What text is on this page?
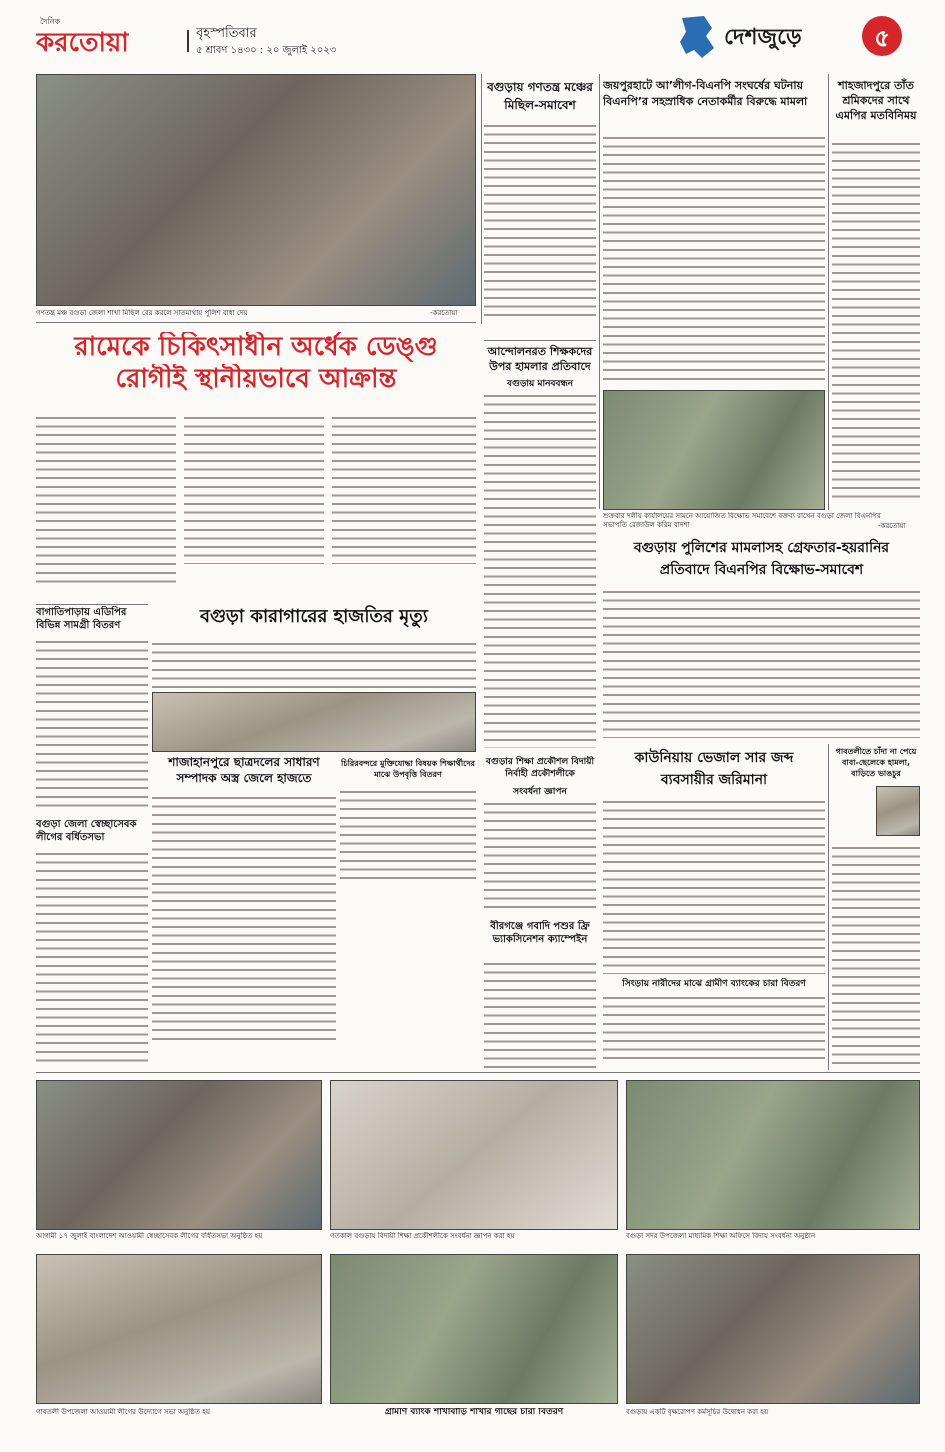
দৈনিক
করতোয়া	বৃহস্পতিবার
৫ শ্রাবণ ১৪৩০ : ২০ জুলাই ২০২৩
দেশজুড়ে	৫
গণতন্ত্র মঞ্চ বগুড়া জেলা শাখা মিছিল বের করলে সাতমাথায় পুলিশ বাধা দেয়	-করতোয়া
বগুড়ায় গণতন্ত্র মঞ্চের মিছিল-সমাবেশ
জয়পুরহাটে আ’লীগ-বিএনপি সংঘর্ষের ঘটনায় বিএনপি’র সহস্রাধিক নেতাকর্মীর বিরুদ্ধে মামলা
শাহজাদপুরে তাঁত শ্রমিকদের সাথে এমপির মতবিনিময়
রামেকে চিকিৎসাধীন অর্ধেক ডেঙ্গু
রোগীই স্থানীয়ভাবে আক্রান্ত
আন্দোলনরত শিক্ষকদের উপর হামলার প্রতিবাদে
বগুড়ায় মানববন্ধন
শুক্রবার দলীয় কার্যালয়ের সামনে আয়োজিত বিক্ষোভ সমাবেশে বক্তব্য রাখেন বগুড়া জেলা বিএনপির সভাপতি রেজাউল করিম বাদশা	-করতোয়া
বাগাতিপাড়ায় এডিপির বিভিন্ন সামগ্রী বিতরণ	বগুড়া কারাগারের হাজতির মৃত্যু
বগুড়ায় পুলিশের মামলাসহ গ্রেফতার-হয়রানির
প্রতিবাদে বিএনপির বিক্ষোভ-সমাবেশ
বগুড়ার শিক্ষা প্রকৌশল বিদায়ী নির্বাহী প্রকৌশলীকে
সংবর্ধনা জ্ঞাপন
বগুড়া জেলা স্বেচ্ছাসেবক লীগের বর্ধিতসভা
শাজাহানপুরে ছাত্রদলের সাধারণ সম্পাদক অস্ত্র জেলে হাজতে
চিরিরবন্দরে মুক্তিযোদ্ধা বিষয়ক শিক্ষার্থীদের মাঝে উপবৃত্তি বিতরণ
বীরগঞ্জে গবাদি পশুর ফ্রি ভ্যাকসিনেশন ক্যাম্পেইন
কাউনিয়ায় ভেজাল সার জব্দ
ব্যবসায়ীর জরিমানা
গাবতলীতে চাঁদা না পেয়ে বাবা-ছেলেকে হামলা, বাড়িতে ভাঙচুর
সিংড়ায় নারীদের মাঝে গ্রামীণ ব্যাংকের চারা বিতরণ
আগামী ১৭ জুলাই বাংলাদেশ আওয়ামী স্বেচ্ছাসেবক লীগের বর্ধিতসভা অনুষ্ঠিত হয়	গতকাল বগুড়ায় বিদায়ী শিক্ষা প্রকৌশলীকে সংবর্ধনা জ্ঞাপন করা হয়	বগুড়া সদর উপজেলা মাধ্যমিক শিক্ষা অফিসে বিদায় সংবর্ধনা অনুষ্ঠান
গাবতলী উপজেলা আওয়ামী লীগের উদ্যোগে সভা অনুষ্ঠিত হয়	গ্রামীণ ব্যাংক শাখাবাড়ি শাখার গাছের চারা বিতরণ	বগুড়ায় একটি বৃক্ষরোপণ কর্মসূচির উদ্বোধন করা হয়
